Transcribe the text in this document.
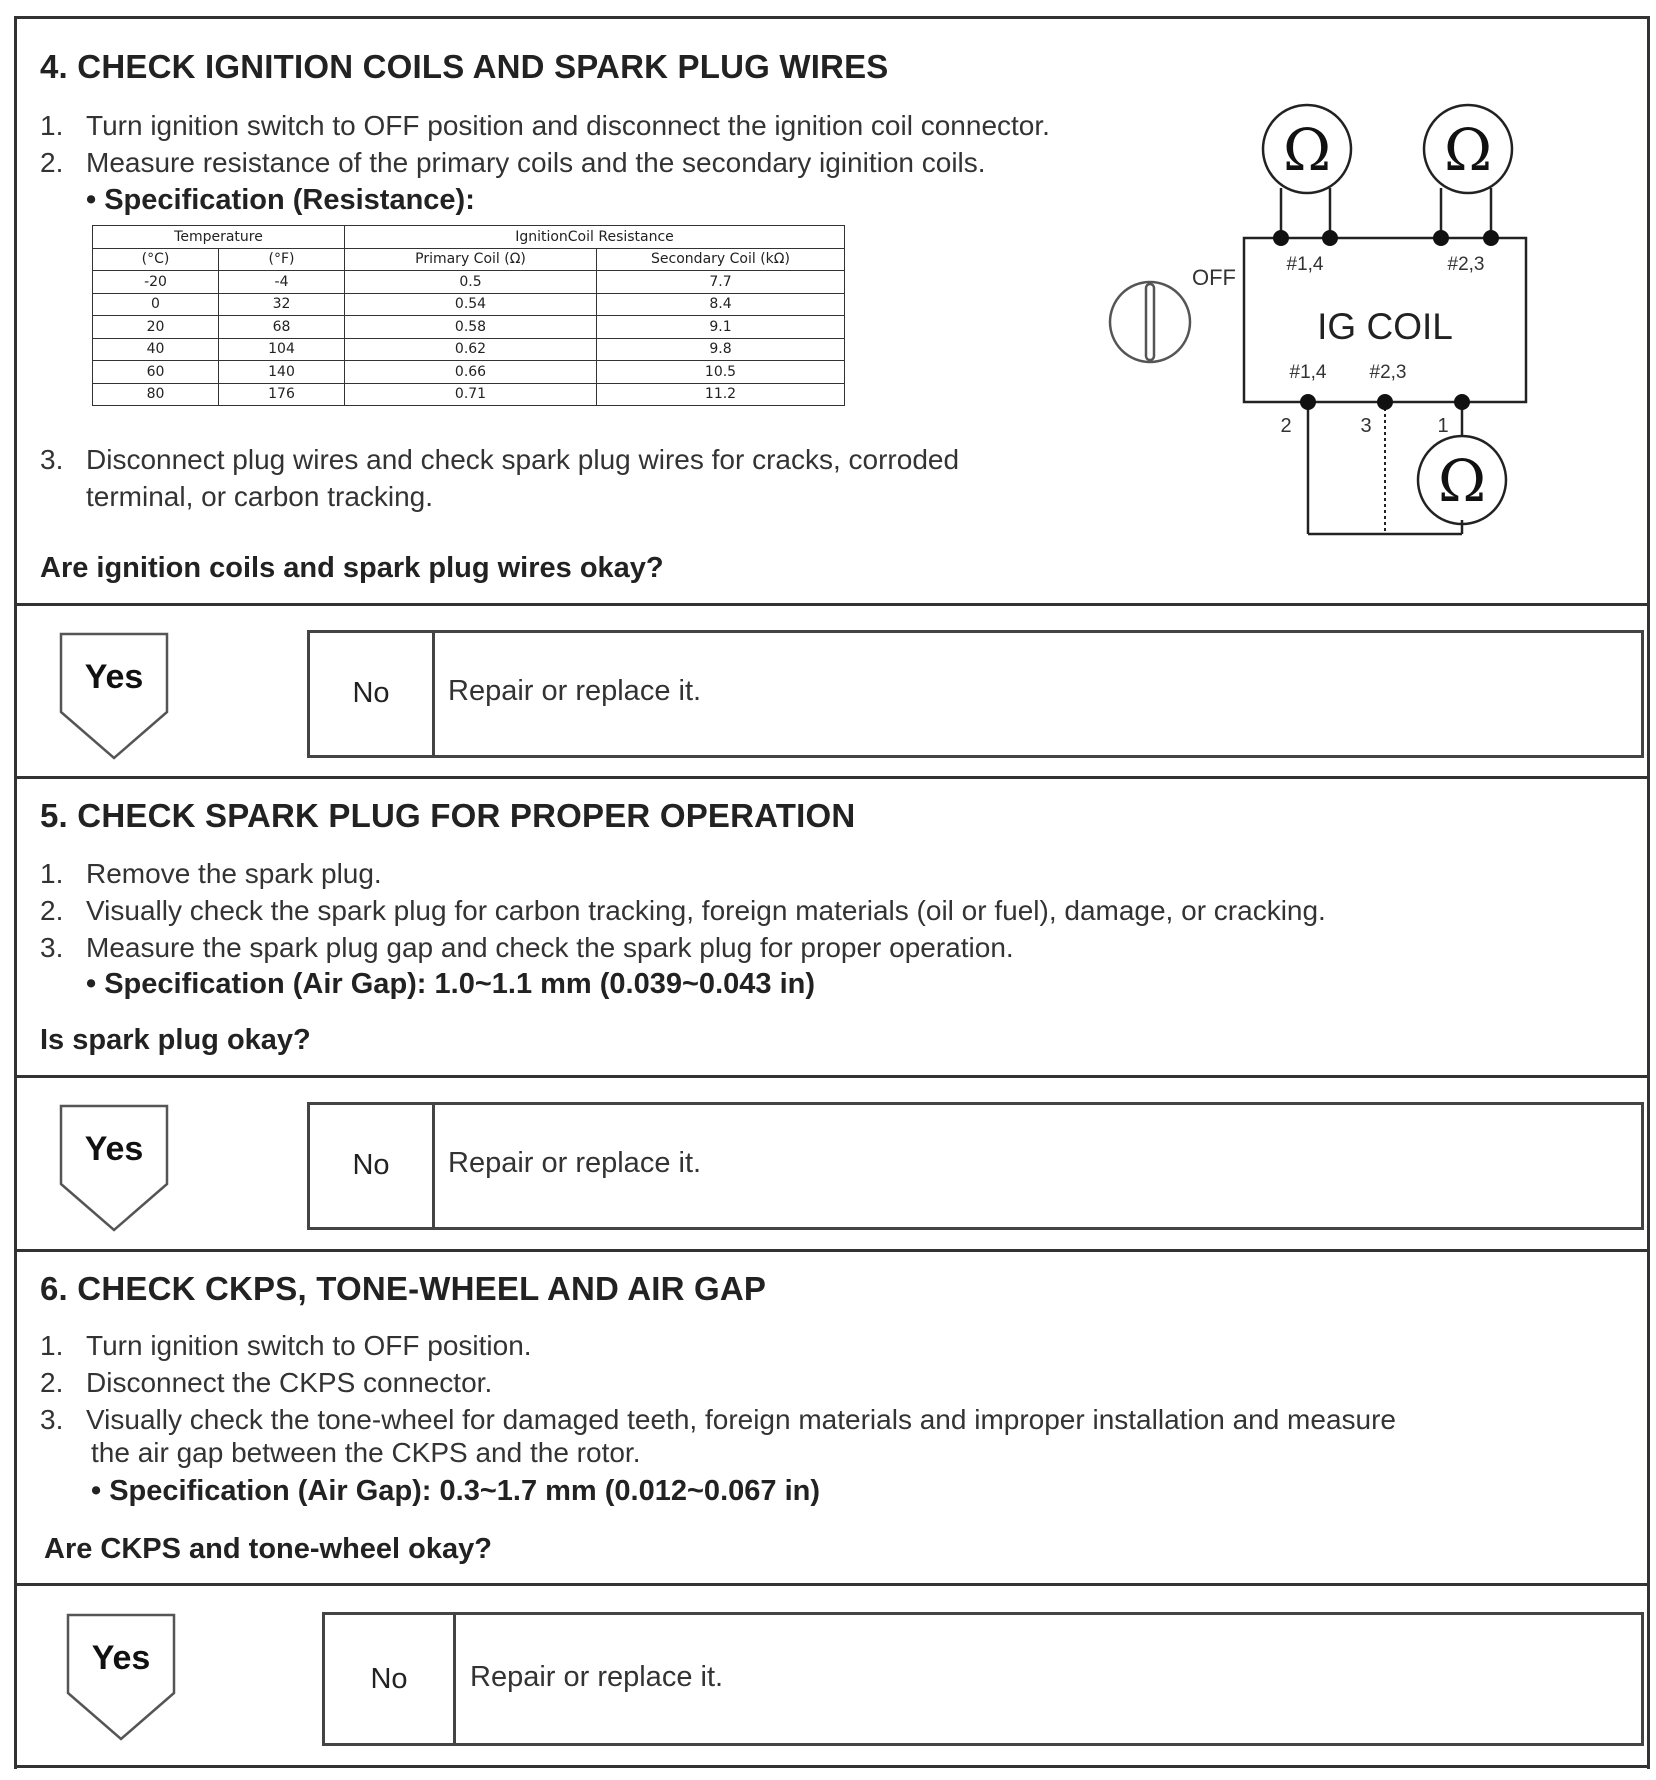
4. CHECK IGNITION COILS AND SPARK PLUG WIRES
1. Turn ignition switch to OFF position and disconnect the ignition coil connector.
2. Measure resistance of the primary coils and the secondary iginition coils.
• Specification (Resistance):
Temperature		IgnitionCoil Resistance	
(°C)	(°F)	Primary Coil (Ω)	Secondary Coil (kΩ)
-20	-4	0.5	7.7
0	32	0.54	8.4
20	68	0.58	9.1
40	104	0.62	9.8
60	140	0.66	10.5
80	176	0.71	11.2
3. Disconnect plug wires and check spark plug wires for cracks, corroded
terminal, or carbon tracking.
Are ignition coils and spark plug wires okay?
Ω Ω
Ω
OFF
IG COIL
#1,4	#2,3
#1,4 #2,3
2	3	1
Yes	No	Repair or replace it.
5. CHECK SPARK PLUG FOR PROPER OPERATION
1. Remove the spark plug.
2. Visually check the spark plug for carbon tracking, foreign materials (oil or fuel), damage, or cracking.
3. Measure the spark plug gap and check the spark plug for proper operation.
• Specification (Air Gap): 1.0~1.1 mm (0.039~0.043 in)
Is spark plug okay?
Yes	No	Repair or replace it.
6. CHECK CKPS, TONE-WHEEL AND AIR GAP
1. Turn ignition switch to OFF position.
2. Disconnect the CKPS connector.
3. Visually check the tone-wheel for damaged teeth, foreign materials and improper installation and measure
the air gap between the CKPS and the rotor.
• Specification (Air Gap): 0.3~1.7 mm (0.012~0.067 in)
Are CKPS and tone-wheel okay?
Yes
No	Repair or replace it.
